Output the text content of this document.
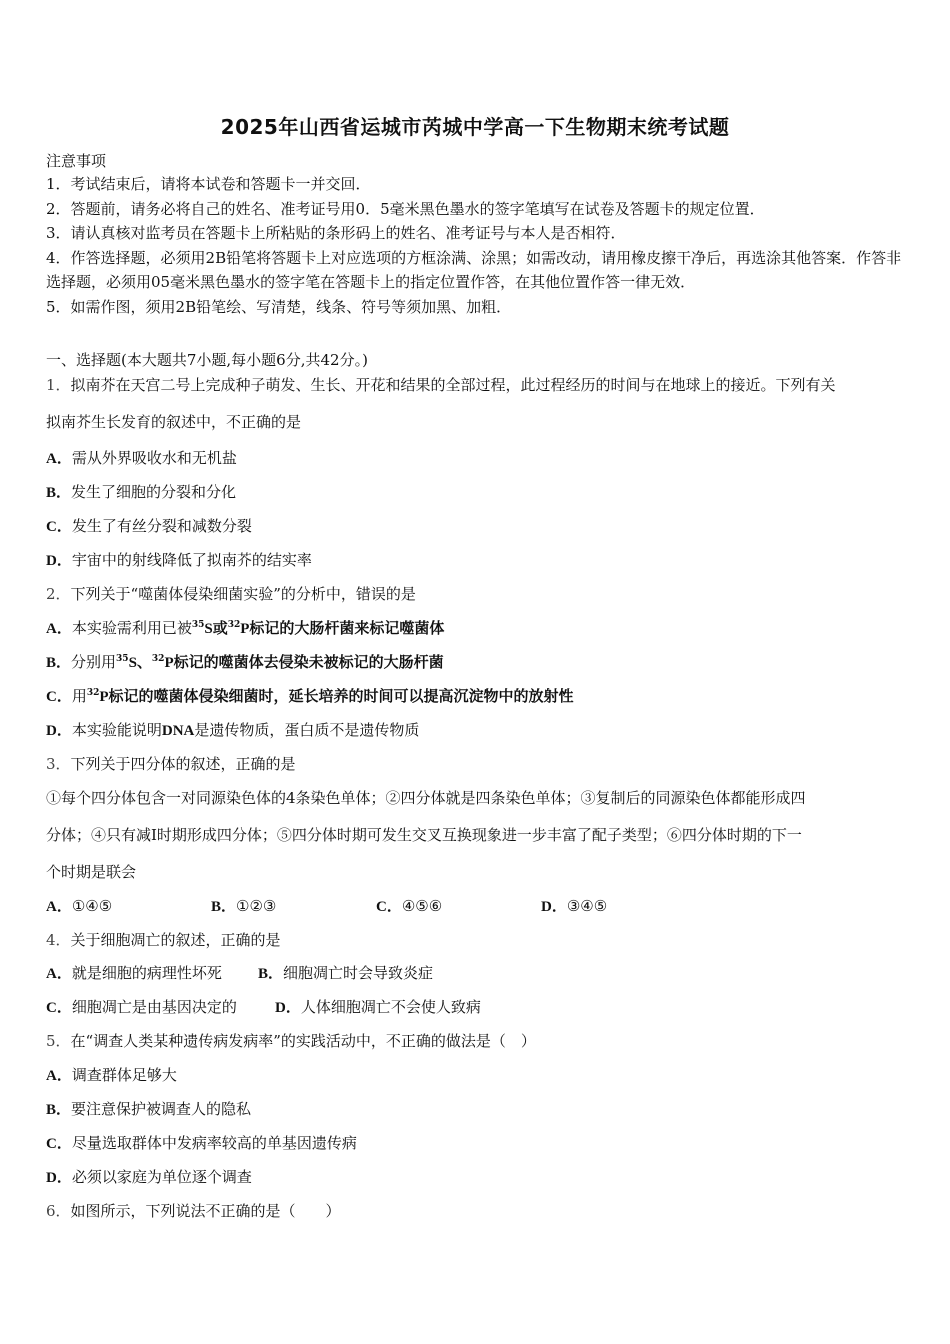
2025年山西省运城市芮城中学高一下生物期末统考试题
注意事项
1．考试结束后，请将本试卷和答题卡一并交回．
2．答题前，请务必将自己的姓名、准考证号用0．5毫米黑色墨水的签字笔填写在试卷及答题卡的规定位置．
3．请认真核对监考员在答题卡上所粘贴的条形码上的姓名、准考证号与本人是否相符．
4．作答选择题，必须用2B铅笔将答题卡上对应选项的方框涂满、涂黑；如需改动，请用橡皮擦干净后，再选涂其他答案．作答非选择题，必须用05毫米黑色墨水的签字笔在答题卡上的指定位置作答，在其他位置作答一律无效．
5．如需作图，须用2B铅笔绘、写清楚，线条、符号等须加黑、加粗．
一、选择题(本大题共7小题,每小题6分,共42分。)
1．拟南芥在天宫二号上完成种子萌发、生长、开花和结果的全部过程，此过程经历的时间与在地球上的接近。下列有关
拟南芥生长发育的叙述中，不正确的是
A．需从外界吸收水和无机盐
B．发生了细胞的分裂和分化
C．发生了有丝分裂和减数分裂
D．宇宙中的射线降低了拟南芥的结实率
2．下列关于“噬菌体侵染细菌实验”的分析中，错误的是
A．本实验需利用已被$^{35}$S或$^{32}$P标记的大肠杆菌来标记噬菌体
B．分别用$^{35}$S、$^{32}$P标记的噬菌体去侵染未被标记的大肠杆菌
C．用$^{32}$P标记的噬菌体侵染细菌时，延长培养的时间可以提高沉淀物中的放射性
D．本实验能说明DNA是遗传物质，蛋白质不是遗传物质
3．下列关于四分体的叙述，正确的是
①每个四分体包含一对同源染色体的4条染色单体；②四分体就是四条染色单体；③复制后的同源染色体都能形成四
分体；④只有减Ⅰ时期形成四分体；⑤四分体时期可发生交叉互换现象进一步丰富了配子类型；⑥四分体时期的下一
个时期是联会
A．①④⑤	B．①②③	C．④⑤⑥	D．③④⑤
4．关于细胞凋亡的叙述，正确的是
A．就是细胞的病理性坏死 B．细胞凋亡时会导致炎症
C．细胞凋亡是由基因决定的	D．人体细胞凋亡不会使人致病
5．在“调查人类某种遗传病发病率”的实践活动中，不正确的做法是（　）
A．调查群体足够大
B．要注意保护被调查人的隐私
C．尽量选取群体中发病率较高的单基因遗传病
D．必须以家庭为单位逐个调查
6．如图所示，下列说法不正确的是（　　）
